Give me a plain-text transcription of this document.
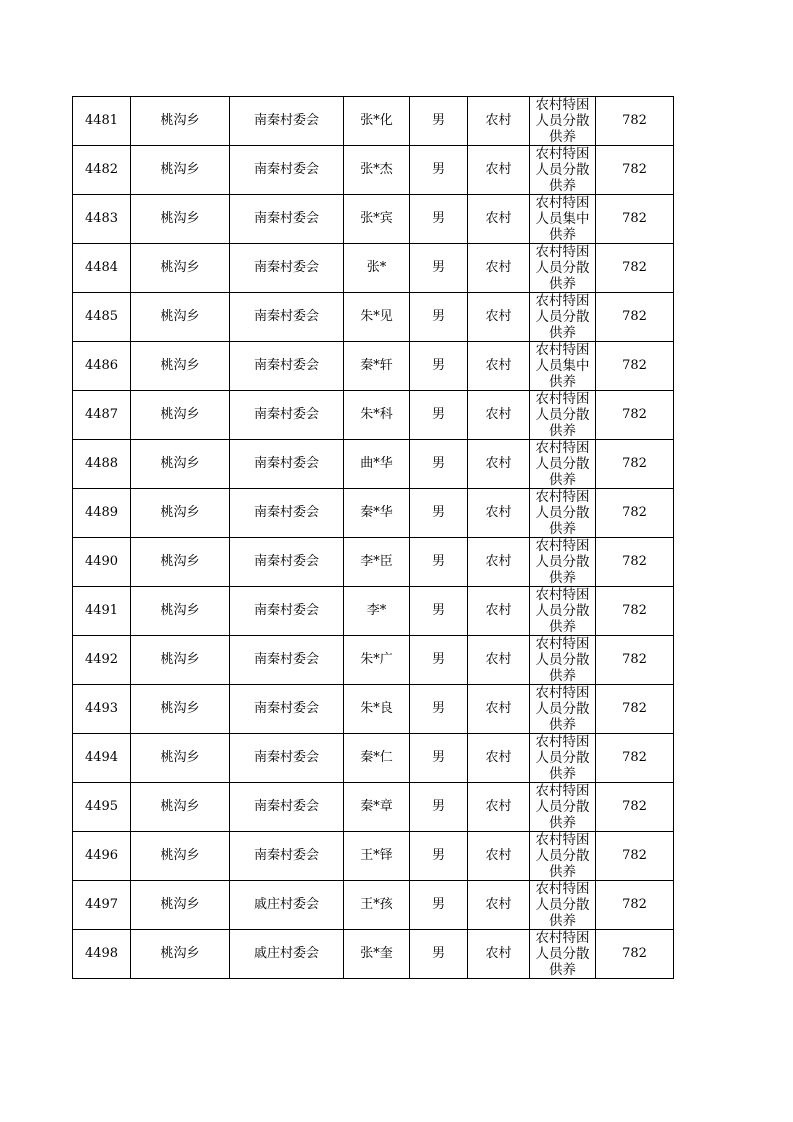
4481	桃沟乡	南秦村委会	张*化	男	农村	农村特困人员分散供养	782
4482	桃沟乡	南秦村委会	张*杰	男	农村	农村特困人员分散供养	782
4483	桃沟乡	南秦村委会	张*宾	男	农村	农村特困人员集中供养	782
4484	桃沟乡	南秦村委会	张*	男	农村	农村特困人员分散供养	782
4485	桃沟乡	南秦村委会	朱*见	男	农村	农村特困人员分散供养	782
4486	桃沟乡	南秦村委会	秦*轩	男	农村	农村特困人员集中供养	782
4487	桃沟乡	南秦村委会	朱*科	男	农村	农村特困人员分散供养	782
4488	桃沟乡	南秦村委会	曲*华	男	农村	农村特困人员分散供养	782
4489	桃沟乡	南秦村委会	秦*华	男	农村	农村特困人员分散供养	782
4490	桃沟乡	南秦村委会	李*臣	男	农村	农村特困人员分散供养	782
4491	桃沟乡	南秦村委会	李*	男	农村	农村特困人员分散供养	782
4492	桃沟乡	南秦村委会	朱*广	男	农村	农村特困人员分散供养	782
4493	桃沟乡	南秦村委会	朱*良	男	农村	农村特困人员分散供养	782
4494	桃沟乡	南秦村委会	秦*仁	男	农村	农村特困人员分散供养	782
4495	桃沟乡	南秦村委会	秦*章	男	农村	农村特困人员分散供养	782
4496	桃沟乡	南秦村委会	王*铎	男	农村	农村特困人员分散供养	782
4497	桃沟乡	戚庄村委会	王*孩	男	农村	农村特困人员分散供养	782
4498	桃沟乡	戚庄村委会	张*奎	男	农村	农村特困人员分散供养	782
